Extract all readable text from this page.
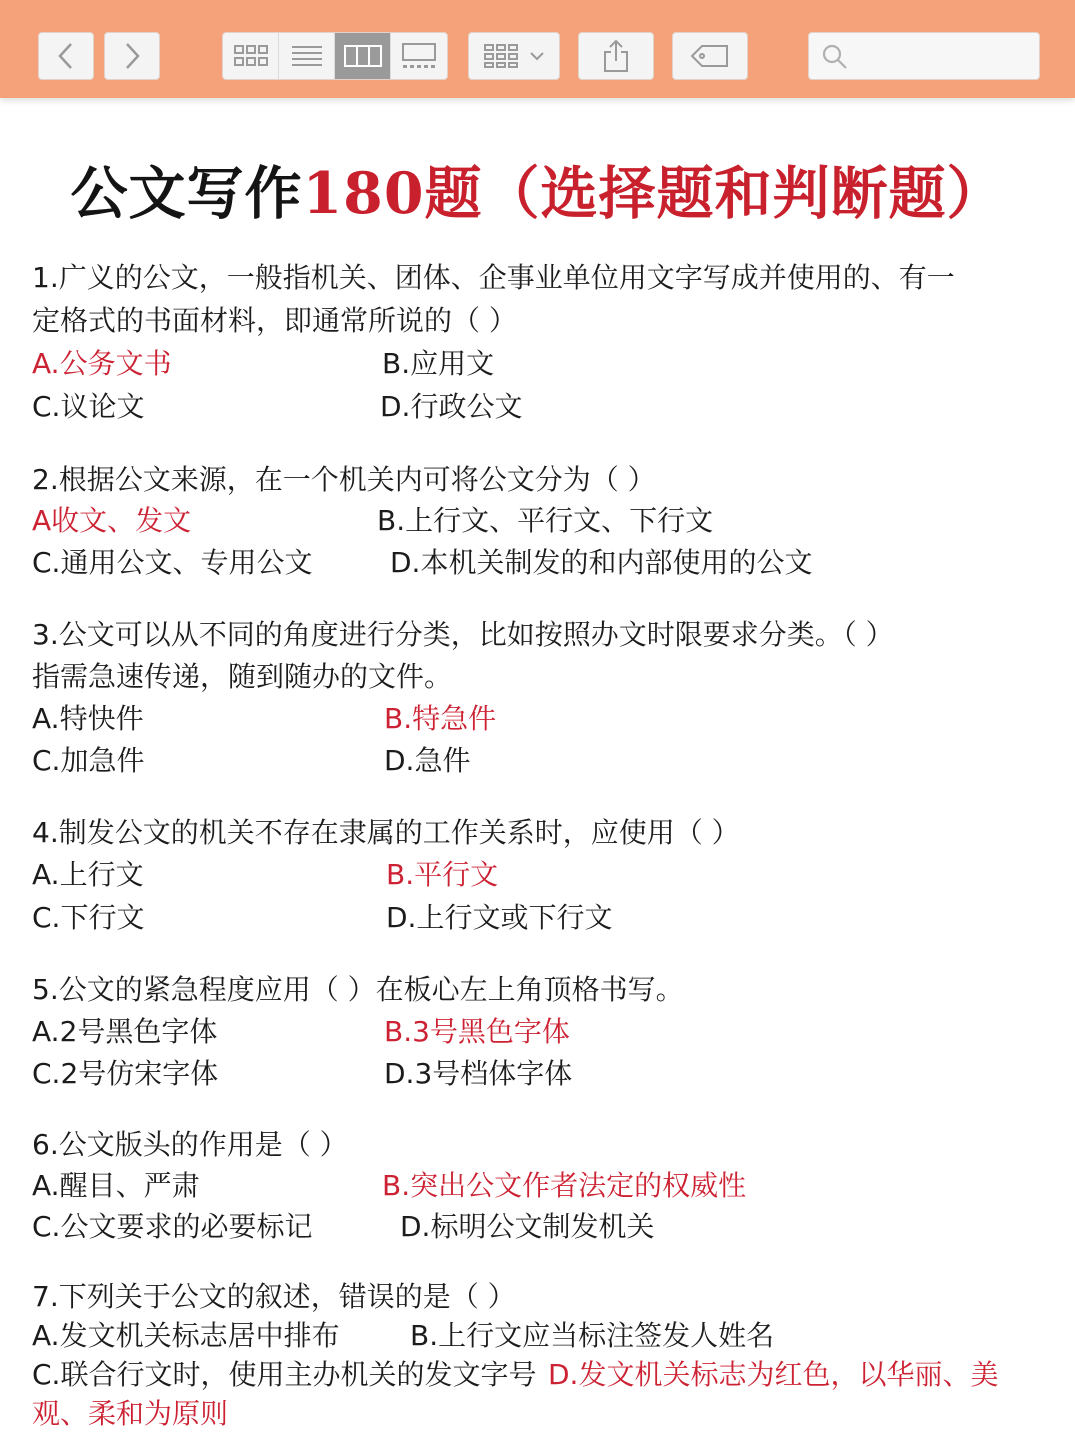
公文写作180题（选择题和判断题）
1.广义的公文，一般指机关、团体、企事业单位用文字写成并使用的、有一
定格式的书面材料，即通常所说的（ ）
A.公务文书	B.应用文
C.议论文	D.行政公文
2.根据公文来源，在一个机关内可将公文分为（ ）
A收文、发文	B.上行文、平行文、下行文
C.通用公文、专用公文	D.本机关制发的和内部使用的公文
3.公文可以从不同的角度进行分类，比如按照办文时限要求分类。（ ）
指需急速传递，随到随办的文件。
A.特快件	B.特急件
C.加急件	D.急件
4.制发公文的机关不存在隶属的工作关系时，应使用（ ）
A.上行文	B.平行文
C.下行文	D.上行文或下行文
5.公文的紧急程度应用（ ）在板心左上角顶格书写。
A.2号黑色字体	B.3号黑色字体
C.2号仿宋字体	D.3号档体字体
6.公文版头的作用是（ ）
A.醒目、严肃	B.突出公文作者法定的权威性
C.公文要求的必要标记	D.标明公文制发机关
7.下列关于公文的叙述，错误的是（ ）
A.发文机关标志居中排布	B.上行文应当标注签发人姓名
C.联合行文时，使用主办机关的发文字号 D.发文机关标志为红色，以华丽、美
观、柔和为原则
